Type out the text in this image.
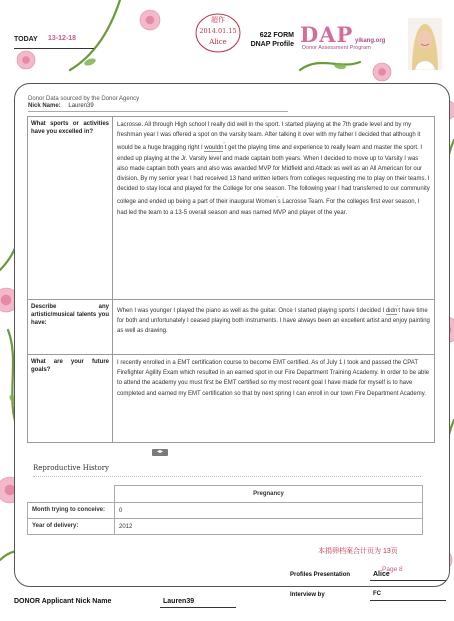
TODAY 13-12-18
超作
2014.01.15
Alice
622 FORM
DNAP Profile DAP yikang.org
Donor Assessment Program
Donor Data sourced by the Donor Agency
Nick Name: Lauren39
What sports or activities have you excelled in?	Lacrosse. All through High school I really did well in the sport. I started playing at the 7th grade level and by my freshman year I was offered a spot on the varsity team. After talking it over with my father I decided that although it would be a huge bragging right I wouldn’t get the playing time and experience to really learn and master the sport. I ended up playing at the Jr. Varsity level and made captain both years. When I decided to move up to Varsity I was also made captain both years and also was awarded MVP for Midfield and Attack as well as an All American for our division. By my senior year I had received 13 hand written letters from colleges requesting me to play on their teams. I decided to stay local and played for the College for one season. The following year I had transferred to our community college and ended up being a part of their inaugural Women’s Lacrosse Team. For the colleges first ever season, I had led the team to a 13-5 overall season and was named MVP and player of the year.
Describe any artistic/musical talents you have:	When I was younger I played the piano as well as the guitar. Once I started playing sports I decided I didn’t have time for both and unfortunately I ceased playing both instruments. I have always been an excellent artist and enjoy painting as well as drawing.
What are your future goals?	I recently enrolled in a EMT certification course to become EMT certified. As of July 1 I took and passed the CPAT Firefighter Agility Exam which resulted in an earned spot in our Fire Department Training Academy. In order to be able to attend the academy you must first be EMT certified so my most recent goal I have made for myself is to have completed and earned my EMT certification so that by next spring I can enroll in our town Fire Department Academy.
◂▸
Reproductive History
	Pregnancy
Month trying to conceive:	0
Year of delivery:	2012
本捐卵档案合计页为 13页
Page 8
Profiles Presentation	Alice
Interview by	FC
DONOR Applicant Nick Name	Lauren39
